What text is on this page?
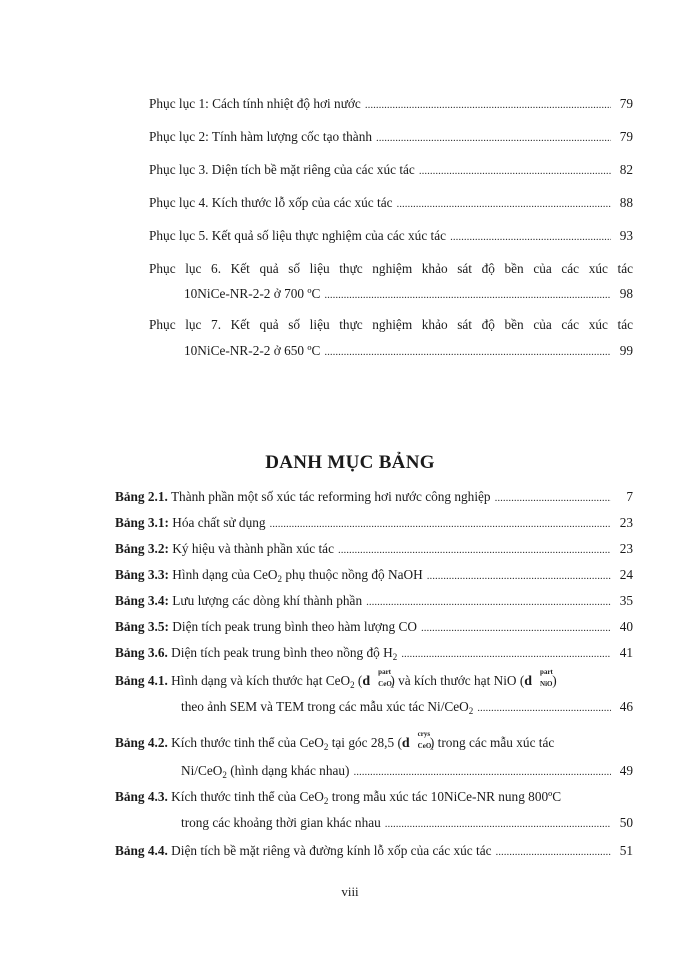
Phục lục 1: Cách tính nhiệt độ hơi nước .....	79
Phục lục 2: Tính hàm lượng cốc tạo thành .....	79
Phục lục 3. Diện tích bề mặt riêng của các xúc tác .....	82
Phục lục 4. Kích thước lỗ xốp của các xúc tác .....	88
Phục lục 5. Kết quả số liệu thực nghiệm của các xúc tác .....	93
Phục lục 6. Kết quả số liệu thực nghiệm khảo sát độ bền của các xúc tác
10NiCe-NR-2-2 ở 700 ºC .....	98
Phục lục 7. Kết quả số liệu thực nghiệm khảo sát độ bền của các xúc tác
10NiCe-NR-2-2 ở 650 ºC .....	99
DANH MỤC BẢNG
Bảng 2.1. Thành phần một số xúc tác reforming hơi nước công nghiệp .....	7
Bảng 3.1: Hóa chất sử dụng .....	23
Bảng 3.2: Ký hiệu và thành phần xúc tác .....	23
Bảng 3.3: Hình dạng của CeO$_2$ phụ thuộc nồng độ NaOH .....	24
Bảng 3.4: Lưu lượng các dòng khí thành phần .....	35
Bảng 3.5: Diện tích peak trung bình theo hàm lượng CO .....	40
Bảng 3.6. Diện tích peak trung bình theo nồng độ $H_2$ .....	41
Bảng 4.1. Hình dạng và kích thước hạt CeO$_2$ (d
part
CeO₂
) và kích thước hạt NiO (d
part
NiO )
theo ảnh SEM và TEM trong các mẫu xúc tác Ni/CeO$_2$ .....	46
Bảng 4.2. Kích thước tinh thể của CeO$_2$ tại góc 28,5 (d
crys
CeO₂
) trong các mẫu xúc tác
Ni/CeO$_2$ (hình dạng khác nhau) .....	49
Bảng 4.3. Kích thước tinh thể của CeO$_2$ trong mẫu xúc tác 10NiCe-NR nung 800ºC
trong các khoảng thời gian khác nhau .....	50
Bảng 4.4. Diện tích bề mặt riêng và đường kính lỗ xốp của các xúc tác .....	51
viii
